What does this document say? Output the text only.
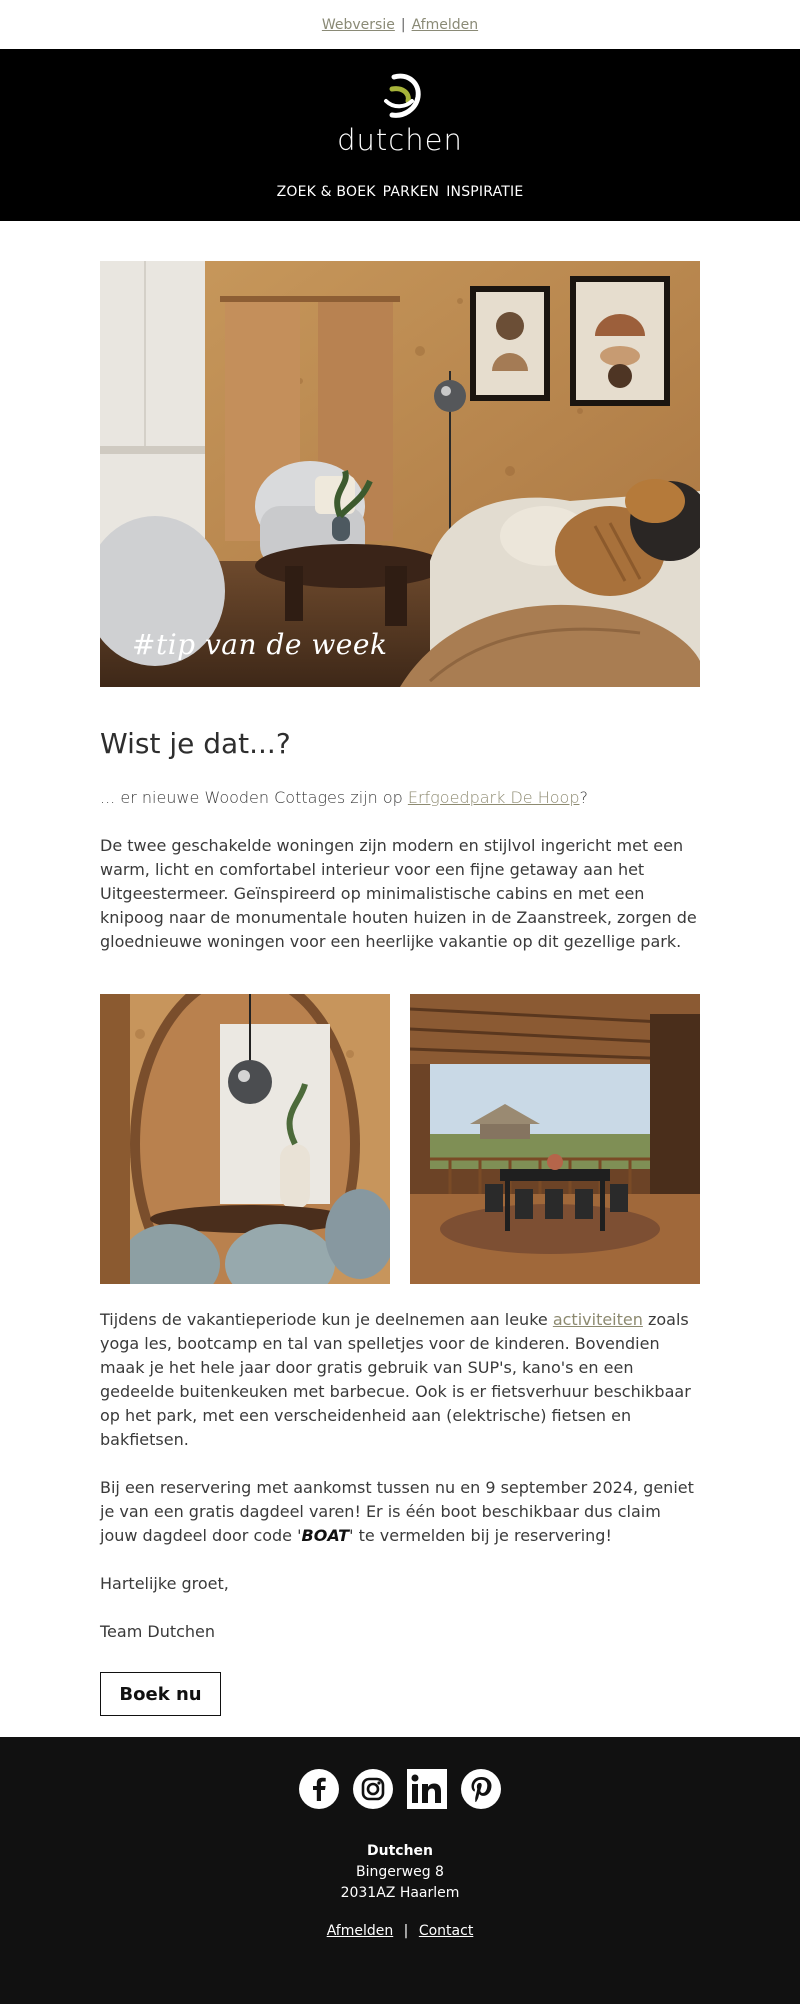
Webversie | Afmelden
dutchen
ZOEK & BOEK PARKEN INSPIRATIE
#tip van de week
Wist je dat...?

... er nieuwe Wooden Cottages zijn op Erfgoedpark De Hoop?

De twee geschakelde woningen zijn modern en stijlvol ingericht met een warm, licht en comfortabel interieur voor een fijne getaway aan het Uitgeestermeer. Geïnspireerd op minimalistische cabins en met een knipoog naar de monumentale houten huizen in de Zaanstreek, zorgen de gloednieuwe woningen voor een heerlijke vakantie op dit gezellige park.

Tijdens de vakantieperiode kun je deelnemen aan leuke activiteiten zoals yoga les, bootcamp en tal van spelletjes voor de kinderen. Bovendien maak je het hele jaar door gratis gebruik van SUP's, kano's en een gedeelde buitenkeuken met barbecue. Ook is er fietsverhuur beschikbaar op het park, met een verscheidenheid aan (elektrische) fietsen en bakfietsen.

Bij een reservering met aankomst tussen nu en 9 september 2024, geniet je van een gratis dagdeel varen! Er is één boot beschikbaar dus claim jouw dagdeel door code 'BOAT' te vermelden bij je reservering!

Hartelijke groet,

Team Dutchen

Boek nu
Dutchen
Bingerweg 8
2031AZ Haarlem
Afmelden | Contact
